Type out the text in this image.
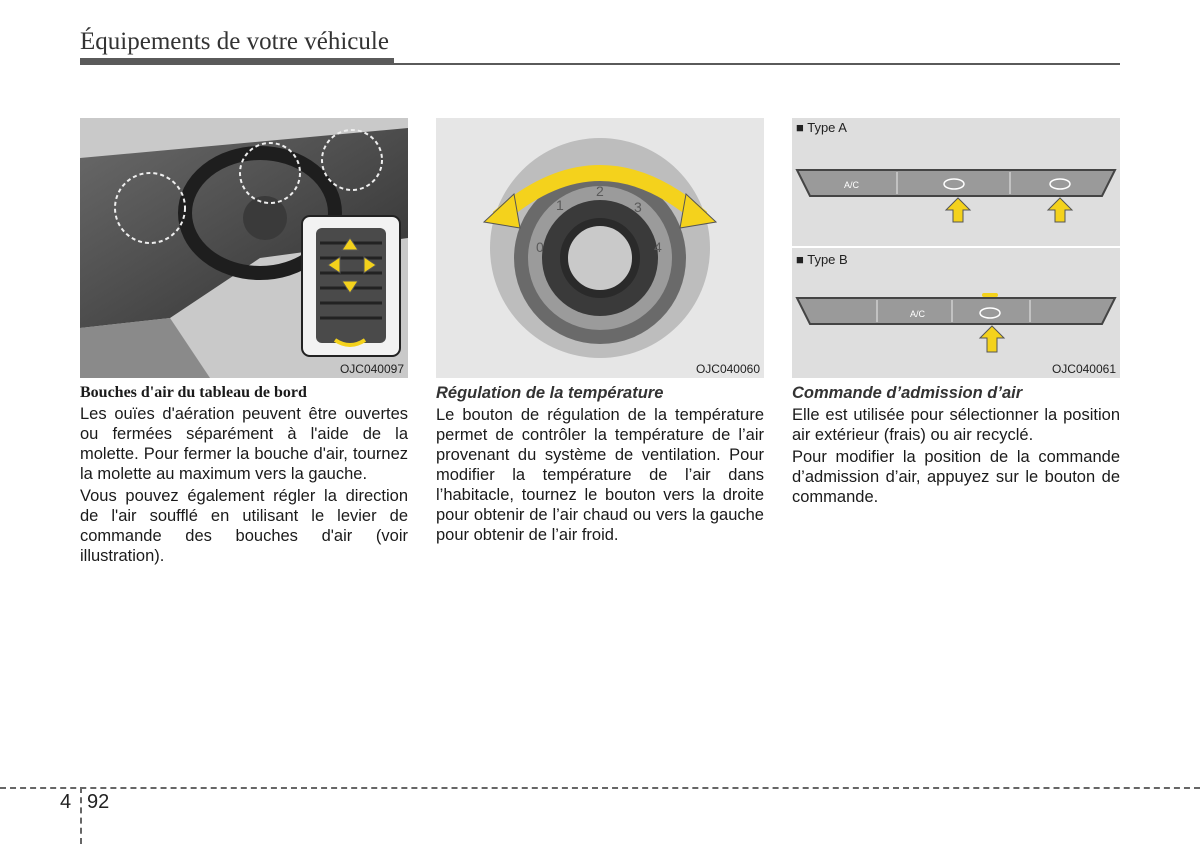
Équipements de votre véhicule
OJC040097
0
1
2
3
4
OJC040060
■ Type A
A/C
A/C
■ Type B
OJC040061
Bouches d'air du tableau de bord

Les ouïes d'aération peuvent être ouvertes ou fermées séparément à l'aide de la molette. Pour fermer la bouche d'air, tournez la molette au maximum vers la gauche.

Vous pouvez également régler la direction de l'air soufflé en utilisant le levier de commande des bouches d'air (voir illustration).

Régulation de la température

Le bouton de régulation de la température permet de contrôler la température de l’air provenant du système de ventilation. Pour modifier la température de l’air dans l’habitacle, tournez le bouton vers la droite pour obtenir de l’air chaud ou vers la gauche pour obtenir de l’air froid.

Commande d’admission d’air

Elle est utilisée pour sélectionner la position air extérieur (frais) ou air recyclé.

Pour modifier la position de la commande d’admission d’air, appuyez sur le bouton de commande.

4 92
